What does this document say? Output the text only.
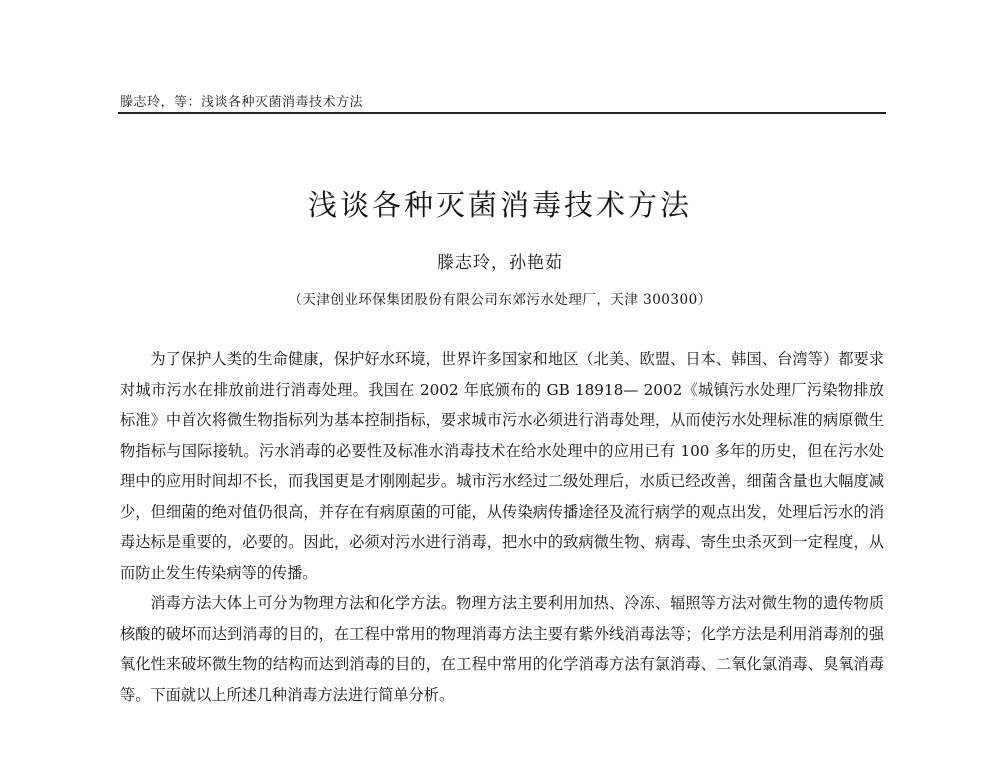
滕志玲，等：浅谈各种灭菌消毒技术方法
浅谈各种灭菌消毒技术方法
滕志玲，孙艳茹
（天津创业环保集团股份有限公司东郊污水处理厂，天津 300300）

为了保护人类的生命健康，保护好水环境，世界许多国家和地区（北美、欧盟、日本、韩国、台湾等）都要求对城市污水在排放前进行消毒处理。我国在 2002 年底颁布的 GB 18918— 2002《城镇污水处理厂污染物排放标准》中首次将微生物指标列为基本控制指标，要求城市污水必须进行消毒处理，从而使污水处理标准的病原微生物指标与国际接轨。污水消毒的必要性及标准水消毒技术在给水处理中的应用已有 100 多年的历史，但在污水处理中的应用时间却不长，而我国更是才刚刚起步。城市污水经过二级处理后，水质已经改善，细菌含量也大幅度减少，但细菌的绝对值仍很高，并存在有病原菌的可能，从传染病传播途径及流行病学的观点出发，处理后污水的消毒达标是重要的，必要的。因此，必须对污水进行消毒，把水中的致病微生物、病毒、寄生虫杀灭到一定程度，从而防止发生传染病等的传播。

消毒方法大体上可分为物理方法和化学方法。物理方法主要利用加热、冷冻、辐照等方法对微生物的遗传物质核酸的破坏而达到消毒的目的，在工程中常用的物理消毒方法主要有紫外线消毒法等；化学方法是利用消毒剂的强氧化性来破坏微生物的结构而达到消毒的目的，在工程中常用的化学消毒方法有氯消毒、二氧化氯消毒、臭氧消毒等。下面就以上所述几种消毒方法进行简单分析。
